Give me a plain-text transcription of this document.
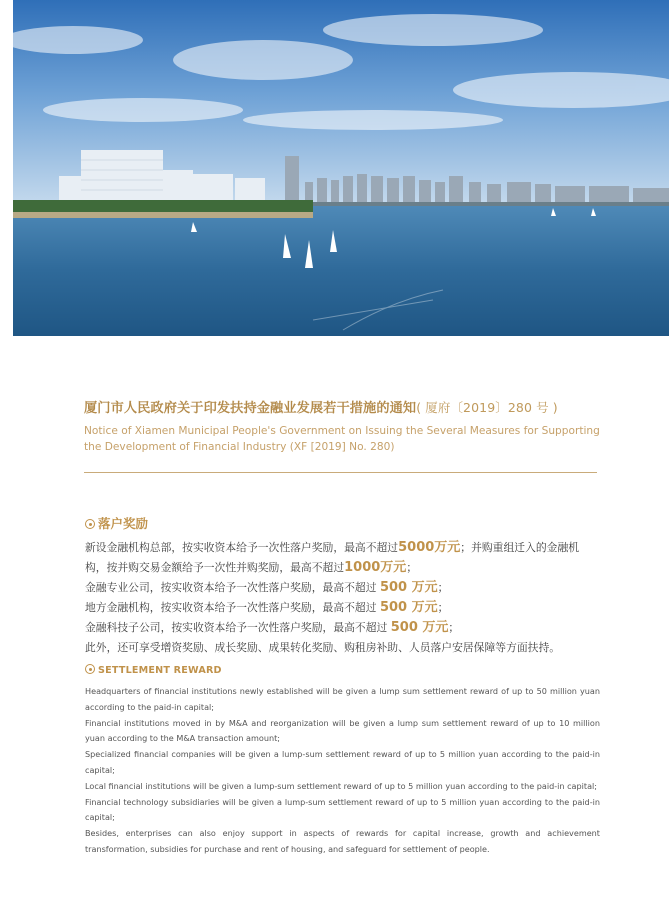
厦门市人民政府关于印发扶持金融业发展若干措施的通知( 厦府〔2019〕280 号 )
Notice of Xiamen Municipal People's Government on Issuing the Several Measures for Supporting
the Development of Financial Industry (XF [2019] No. 280)
落户奖励
新设金融机构总部，按实收资本给予一次性落户奖励，最高不超过5000万元；并购重组迁入的金融机
构，按并购交易金额给予一次性并购奖励，最高不超过1000万元；
金融专业公司，按实收资本给予一次性落户奖励，最高不超过 500 万元；
地方金融机构，按实收资本给予一次性落户奖励，最高不超过 500 万元；
金融科技子公司，按实收资本给予一次性落户奖励，最高不超过 500 万元；
此外，还可享受增资奖励、成长奖励、成果转化奖励、购租房补助、人员落户安居保障等方面扶持。
SETTLEMENT REWARD

Headquarters of financial institutions newly established will be given a lump sum settlement reward of up to 50 million yuan according to the paid-in capital;

Financial institutions moved in by M&A and reorganization will be given a lump sum settlement reward of up to 10 million yuan according to the M&A transaction amount;

Specialized financial companies will be given a lump-sum settlement reward of up to 5 million yuan according to the paid-in capital;

Local financial institutions will be given a lump-sum settlement reward of up to 5 million yuan according to the paid-in capital;

Financial technology subsidiaries will be given a lump-sum settlement reward of up to 5 million yuan according to the paid-in capital;

Besides, enterprises can also enjoy support in aspects of rewards for capital increase, growth and achievement transformation, subsidies for purchase and rent of housing, and safeguard for settlement of people.
